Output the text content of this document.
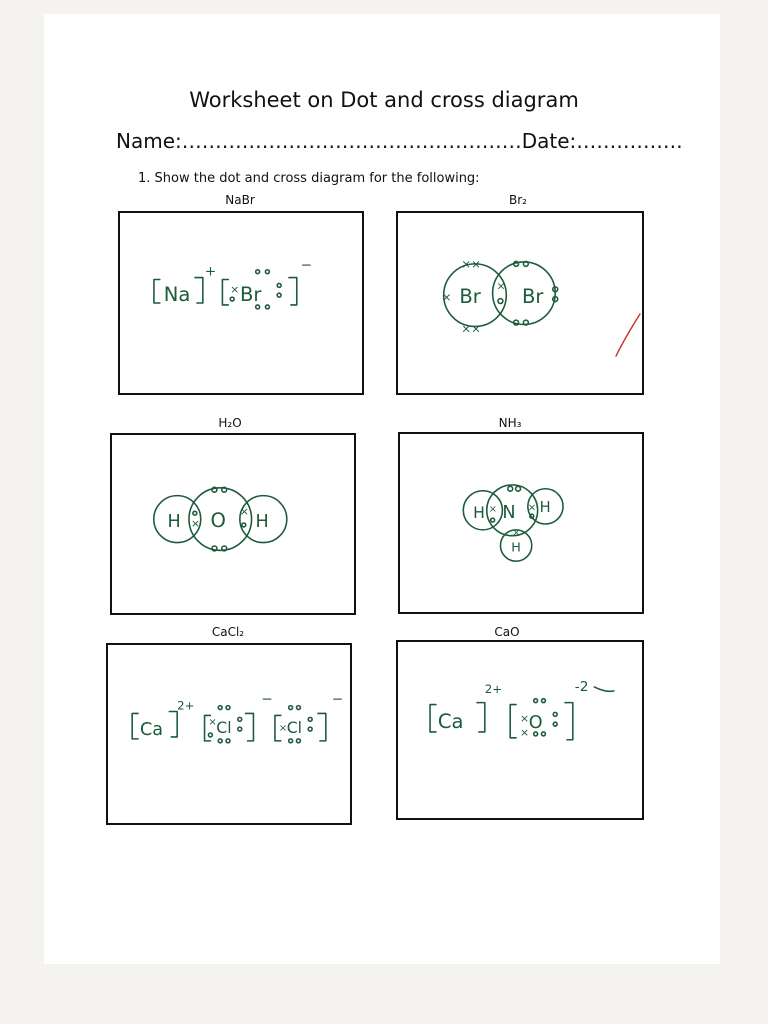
Worksheet on Dot and cross diagram
Name:……………………………………………Date:…………….
1. Show the dot and cross diagram for the following:
NaBr	Br₂
H₂O	NH₃
CaCl₂	CaO
Na
+
× Br
−
Br Br
××
××
×
×
H O H
×
×	H N H
H
×	×
×
Ca
2+
× Cl
−
× Cl
−
Ca
2+
× O
×
-2
